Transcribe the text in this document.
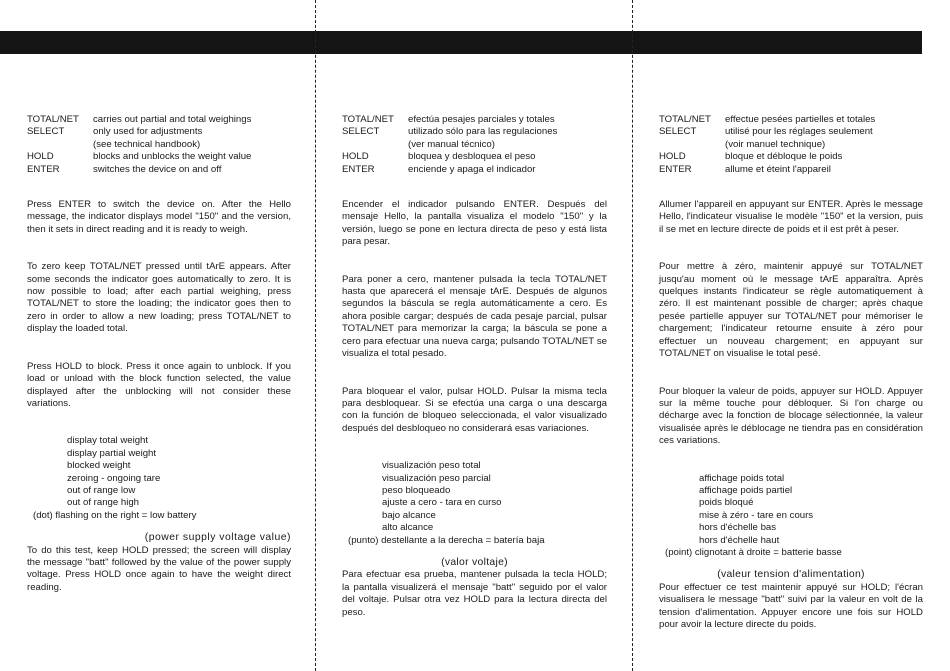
TOTAL/NET	carries out partial and total weighings
SELECT	only used for adjustments
(see technical handbook)
HOLD	blocks and unblocks the weight value
ENTER	switches the device on and off

Press ENTER to switch the device on. After the Hello message, the indicator displays model "150" and the version, then it sets in direct reading and it is ready to weigh.

To zero keep TOTAL/NET pressed until tArE appears. After some seconds the indicator goes automatically to zero. It is now possible to load; after each partial weighing, press TOTAL/NET to store the loading; the indicator goes then to zero in order to allow a new loading; press TOTAL/NET to display the loaded total.

Press HOLD to block. Press it once again to unblock. If you load or unload with the block function selected, the value displayed after the unblocking will not consider these variations.

display total weight
display partial weight
blocked weight
zeroing - ongoing tare
out of range low
out of range high
(dot) flashing on the right = low battery
(power supply voltage value)

To do this test, keep HOLD pressed; the screen will display the message "batt" followed by the value of the power supply voltage. Press HOLD once again to have the weight direct reading.

TOTAL/NET	efectúa pesajes parciales y totales
SELECT	utilizado sólo para las regulaciones
(ver manual técnico)
HOLD	bloquea y desbloquea el peso
ENTER	enciende y apaga el indicador

Encender el indicador pulsando ENTER. Después del mensaje Hello, la pantalla visualiza el modelo "150" y la versión, luego se pone en lectura directa de peso y está lista para pesar.

Para poner a cero, mantener pulsada la tecla TOTAL/NET hasta que aparecerá el mensaje tArE. Después de algunos segundos la báscula se regla automáticamente a cero. Es ahora posible cargar; después de cada pesaje parcial, pulsar TOTAL/NET para memorizar la carga; la báscula se pone a cero para efectuar una nueva carga; pulsando TOTAL/NET se visualiza el total pesado.

Para bloquear el valor, pulsar HOLD. Pulsar la misma tecla para desbloquear. Si se efectúa una carga o una descarga con la función de bloqueo seleccionada, el valor visualizado después del desbloqueo no considerará esas variaciones.

visualización peso total
visualización peso parcial
peso bloqueado
ajuste a cero - tara en curso
bajo alcance
alto alcance
(punto) destellante a la derecha = batería baja
(valor voltaje)

Para efectuar esa prueba, mantener pulsada la tecla HOLD; la pantalla visualizerá el mensaje "batt" seguido por el valor del voltaje. Pulsar otra vez HOLD para la lectura directa del peso.

TOTAL/NET	effectue pesées partielles et totales
SELECT	utilisé pour les réglages seulement
(voir manuel technique)
HOLD	bloque et débloque le poids
ENTER	allume et éteint l'appareil

Allumer l'appareil en appuyant sur ENTER. Après le message Hello, l'indicateur visualise le modèle "150" et la version, puis il se met en lecture directe de poids et il est prêt à peser.

Pour mettre à zéro, maintenir appuyé sur TOTAL/NET jusqu'au moment où le message tArE apparaîtra. Après quelques instants l'indicateur se règle automatiquement à zéro. Il est maintenant possible de charger; après chaque pesée partielle appuyer sur TOTAL/NET pour mémoriser le chargement; l'indicateur retourne ensuite à zéro pour effectuer un nouveau chargement; en appuyant sur TOTAL/NET on visualise le total pesé.

Pour bloquer la valeur de poids, appuyer sur HOLD. Appuyer sur la même touche pour débloquer. Si l'on charge ou décharge avec la fonction de blocage sélectionnée, la valeur visualisée après le déblocage ne tiendra pas en considération ces variations.

affichage poids total
affichage poids partiel
poids bloqué
mise à zéro - tare en cours
hors d'échelle bas
hors d'échelle haut
(point) clignotant à droite = batterie basse
(valeur tension d'alimentation)

Pour effectuer ce test maintenir appuyé sur HOLD; l'écran visualisera le message "batt" suivi par la valeur en volt de la tension d'alimentation. Appuyer encore une fois sur HOLD pour avoir la lecture directe du poids.
